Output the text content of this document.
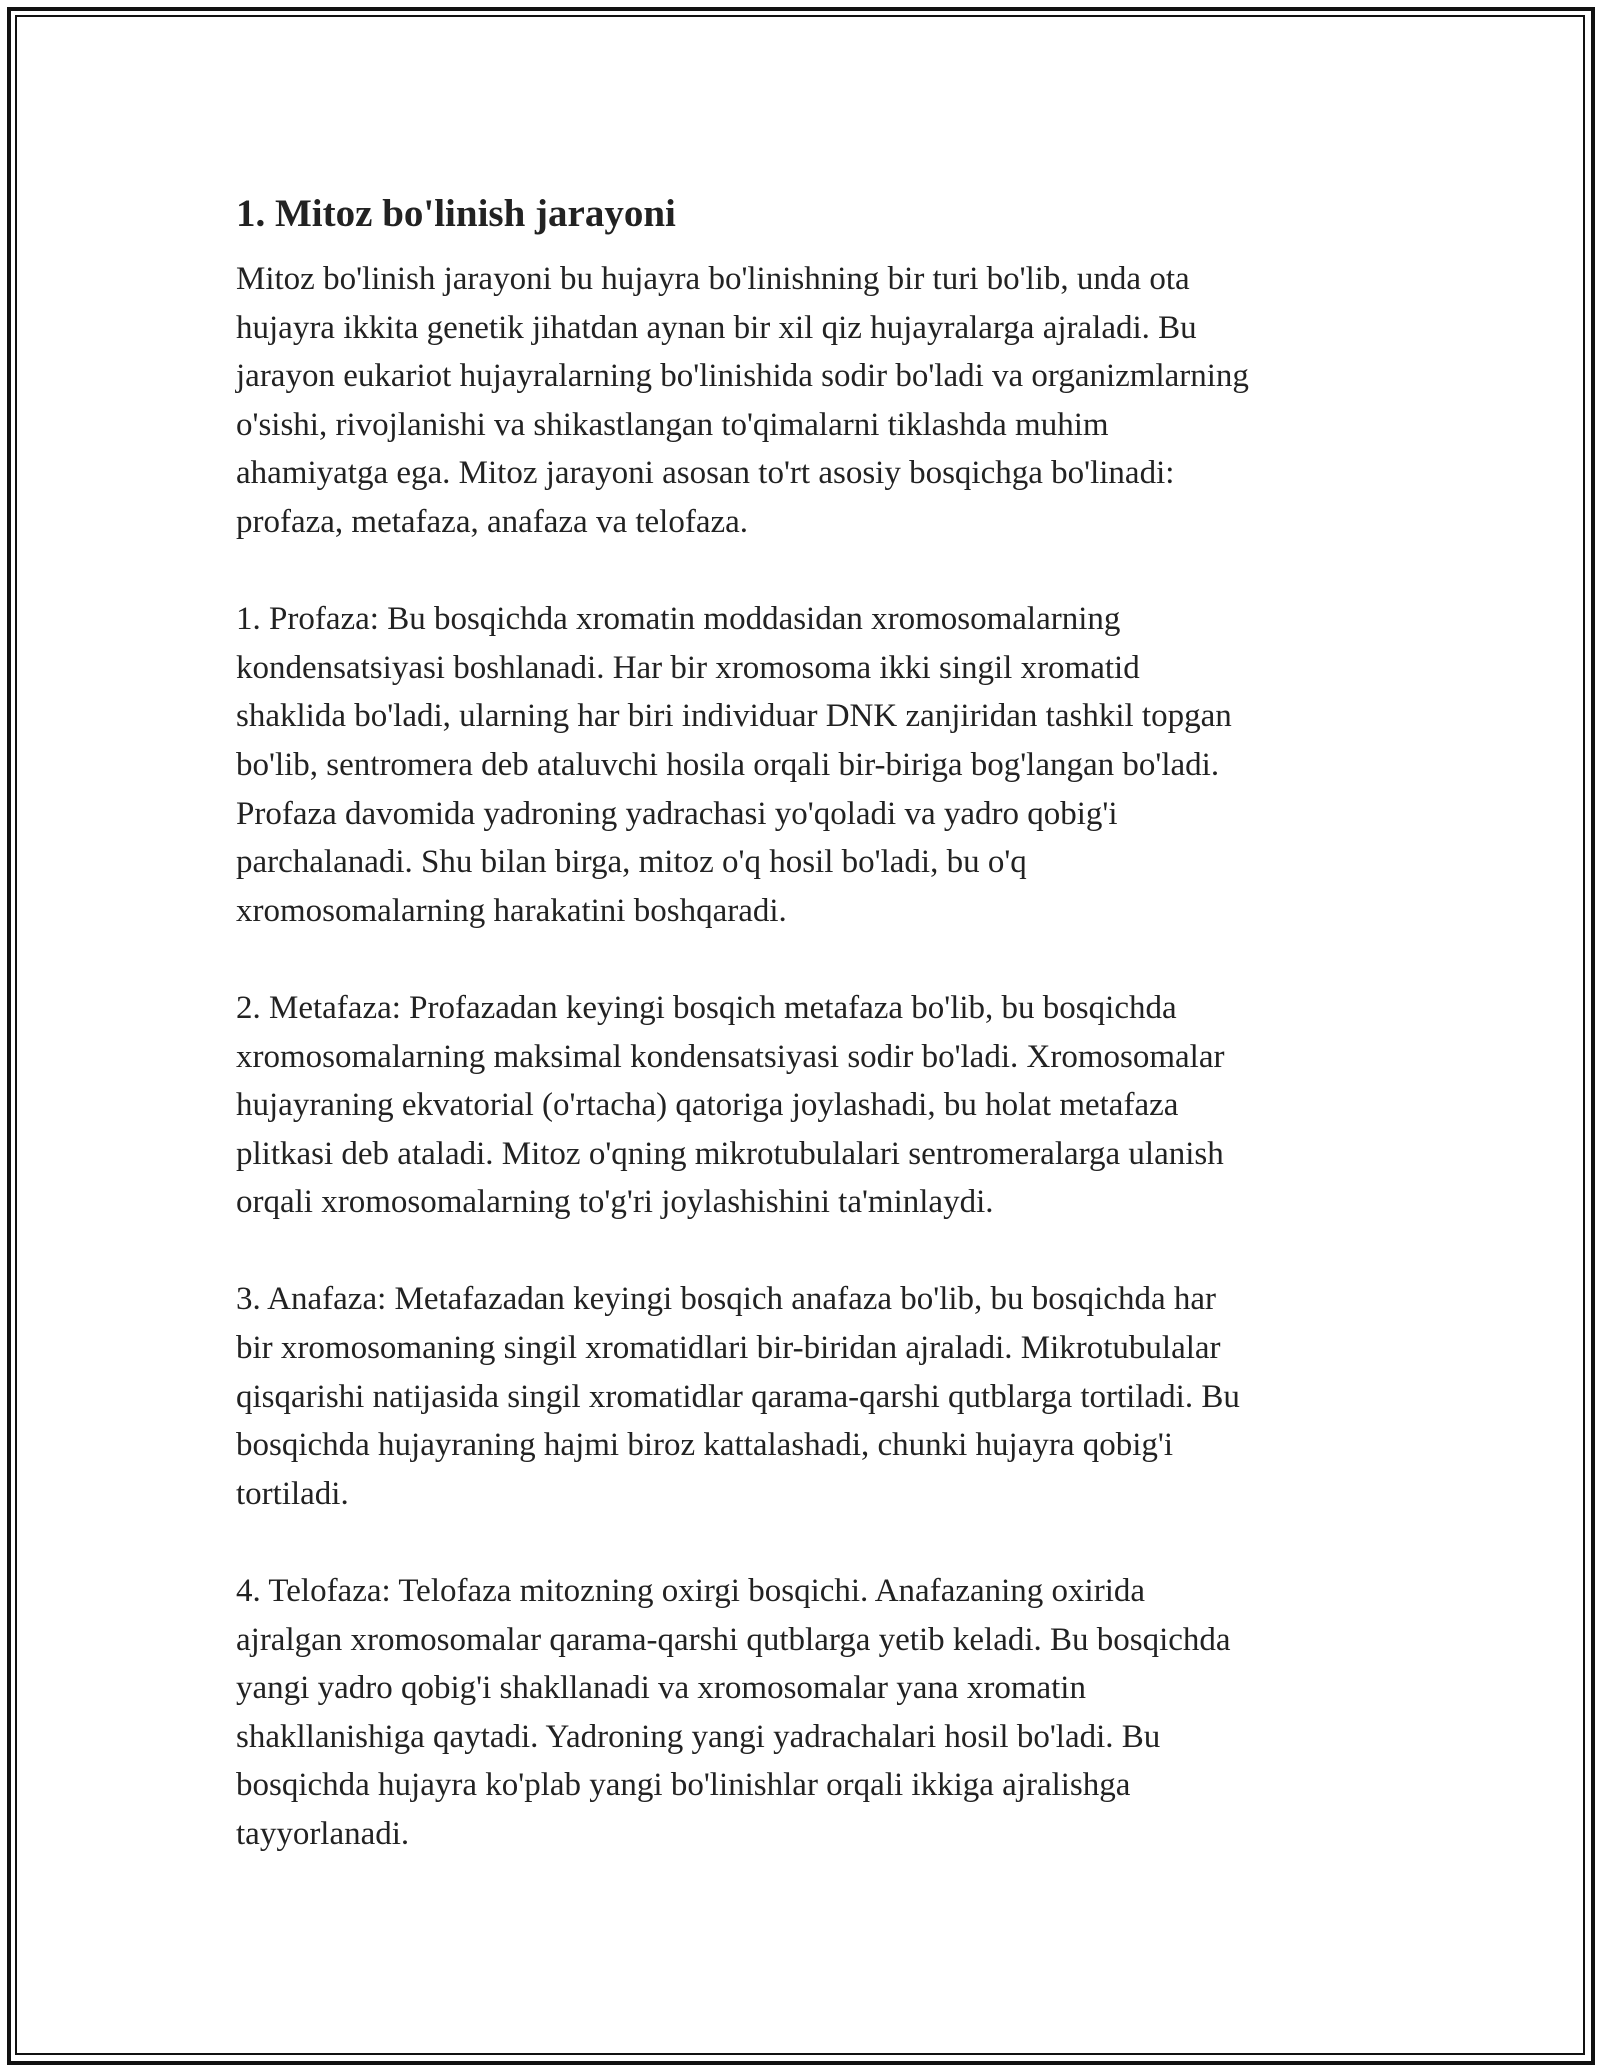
1. Mitoz bo'linish jarayoni

Mitoz bo'linish jarayoni bu hujayra bo'linishning bir turi bo'lib, unda ota
hujayra ikkita genetik jihatdan aynan bir xil qiz hujayralarga ajraladi. Bu
jarayon eukariot hujayralarning bo'linishida sodir bo'ladi va organizmlarning
o'sishi, rivojlanishi va shikastlangan to'qimalarni tiklashda muhim
ahamiyatga ega. Mitoz jarayoni asosan to'rt asosiy bosqichga bo'linadi:
profaza, metafaza, anafaza va telofaza.

1. Profaza: Bu bosqichda xromatin moddasidan xromosomalarning
kondensatsiyasi boshlanadi. Har bir xromosoma ikki singil xromatid
shaklida bo'ladi, ularning har biri individuar DNK zanjiridan tashkil topgan
bo'lib, sentromera deb ataluvchi hosila orqali bir-biriga bog'langan bo'ladi.
Profaza davomida yadroning yadrachasi yo'qoladi va yadro qobig'i
parchalanadi. Shu bilan birga, mitoz o'q hosil bo'ladi, bu o'q
xromosomalarning harakatini boshqaradi.

2. Metafaza: Profazadan keyingi bosqich metafaza bo'lib, bu bosqichda
xromosomalarning maksimal kondensatsiyasi sodir bo'ladi. Xromosomalar
hujayraning ekvatorial (o'rtacha) qatoriga joylashadi, bu holat metafaza
plitkasi deb ataladi. Mitoz o'qning mikrotubulalari sentromeralarga ulanish
orqali xromosomalarning to'g'ri joylashishini ta'minlaydi.

3. Anafaza: Metafazadan keyingi bosqich anafaza bo'lib, bu bosqichda har
bir xromosomaning singil xromatidlari bir-biridan ajraladi. Mikrotubulalar
qisqarishi natijasida singil xromatidlar qarama-qarshi qutblarga tortiladi. Bu
bosqichda hujayraning hajmi biroz kattalashadi, chunki hujayra qobig'i
tortiladi.

4. Telofaza: Telofaza mitozning oxirgi bosqichi. Anafazaning oxirida
ajralgan xromosomalar qarama-qarshi qutblarga yetib keladi. Bu bosqichda
yangi yadro qobig'i shakllanadi va xromosomalar yana xromatin
shakllanishiga qaytadi. Yadroning yangi yadrachalari hosil bo'ladi. Bu
bosqichda hujayra ko'plab yangi bo'linishlar orqali ikkiga ajralishga
tayyorlanadi.
